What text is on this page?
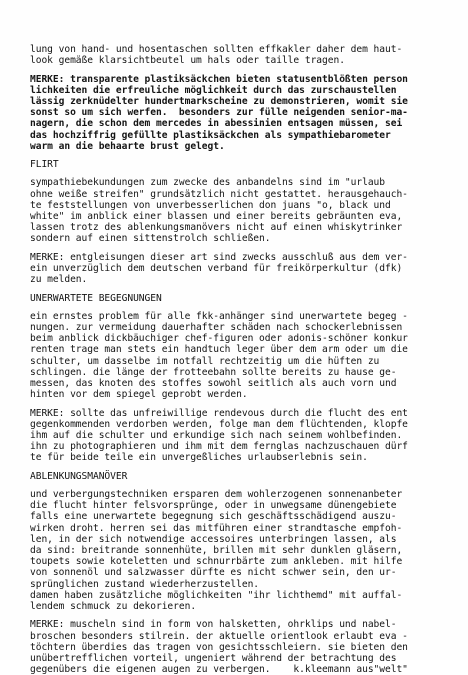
lung von hand- und hosentaschen sollten effkakler daher dem haut-
look gemäße klarsichtbeutel um hals oder taille tragen.
MERKE: transparente plastiksäckchen bieten statusentblößten person
lichkeiten die erfreuliche möglichkeit durch das zurschaustellen
lässig zerknüdelter hundertmarkscheine zu demonstrieren, womit sie
sonst so um sich werfen.  besonders zur fülle neigenden senior-ma-
nagern, die schon dem mercedes in abessinien entsagen müssen, sei
das hochziffrig gefüllte plastiksäckchen als sympathiebarometer
warm an die behaarte brust gelegt.
FLIRT
sympathiebekundungen zum zwecke des anbandelns sind im "urlaub
ohne weiße streifen" grundsätzlich nicht gestattet. herausgehauch-
te feststellungen von unverbesserlichen don juans "o, black und
white" im anblick einer blassen und einer bereits gebräunten eva,
lassen trotz des ablenkungsmanövers nicht auf einen whiskytrinker
sondern auf einen sittenstrolch schließen.
MERKE: entgleisungen dieser art sind zwecks ausschluß aus dem ver-
ein unverzüglich dem deutschen verband für freikörperkultur (dfk)
zu melden.
UNERWARTETE BEGEGNUNGEN
ein ernstes problem für alle fkk-anhänger sind unerwartete begeg -
nungen. zur vermeidung dauerhafter schäden nach schockerlebnissen
beim anblick dickbäuchiger chef-figuren oder adonis-schöner konkur
renten trage man stets ein handtuch leger über dem arm oder um die
schulter, um dasselbe im notfall rechtzeitig um die hüften zu
schlingen. die länge der frotteebahn sollte bereits zu hause ge-
messen, das knoten des stoffes sowohl seitlich als auch vorn und
hinten vor dem spiegel geprobt werden.
MERKE: sollte das unfreiwillige rendevous durch die flucht des ent
gegenkommenden verdorben werden, folge man dem flüchtenden, klopfe
ihm auf die schulter und erkundige sich nach seinem wohlbefinden.
ihn zu photographieren und ihm mit dem fernglas nachzuschauen dürf
te für beide teile ein unvergeßliches urlaubserlebnis sein.
ABLENKUNGSMANÖVER
und verbergungstechniken ersparen dem wohlerzogenen sonnenanbeter
die flucht hinter felsvorsprünge, oder in unwegsame dünengebiete
falls eine unerwartete begegnung sich geschäftsschädigend auszu-
wirken droht. herren sei das mitführen einer strandtasche empfoh-
len, in der sich notwendige accessoires unterbringen lassen, als
da sind: breitrande sonnenhüte, brillen mit sehr dunklen gläsern,
toupets sowie koteletten und schnurrbärte zum ankleben. mit hilfe
von sonnenöl und salzwasser dürfte es nicht schwer sein, den ur-
sprünglichen zustand wiederherzustellen.
damen haben zusätzliche möglichkeiten "ihr lichthemd" mit auffal-
lendem schmuck zu dekorieren.
MERKE: muscheln sind in form von halsketten, ohrklips und nabel-
broschen besonders stilrein. der aktuelle orientlook erlaubt eva -
töchtern überdies das tragen von gesichtsschleiern. sie bieten den
unübertrefflichen vorteil, ungeniert während der betrachtung des
gegenübers die eigenen augen zu verbergen.    k.kleemann aus"welt"
